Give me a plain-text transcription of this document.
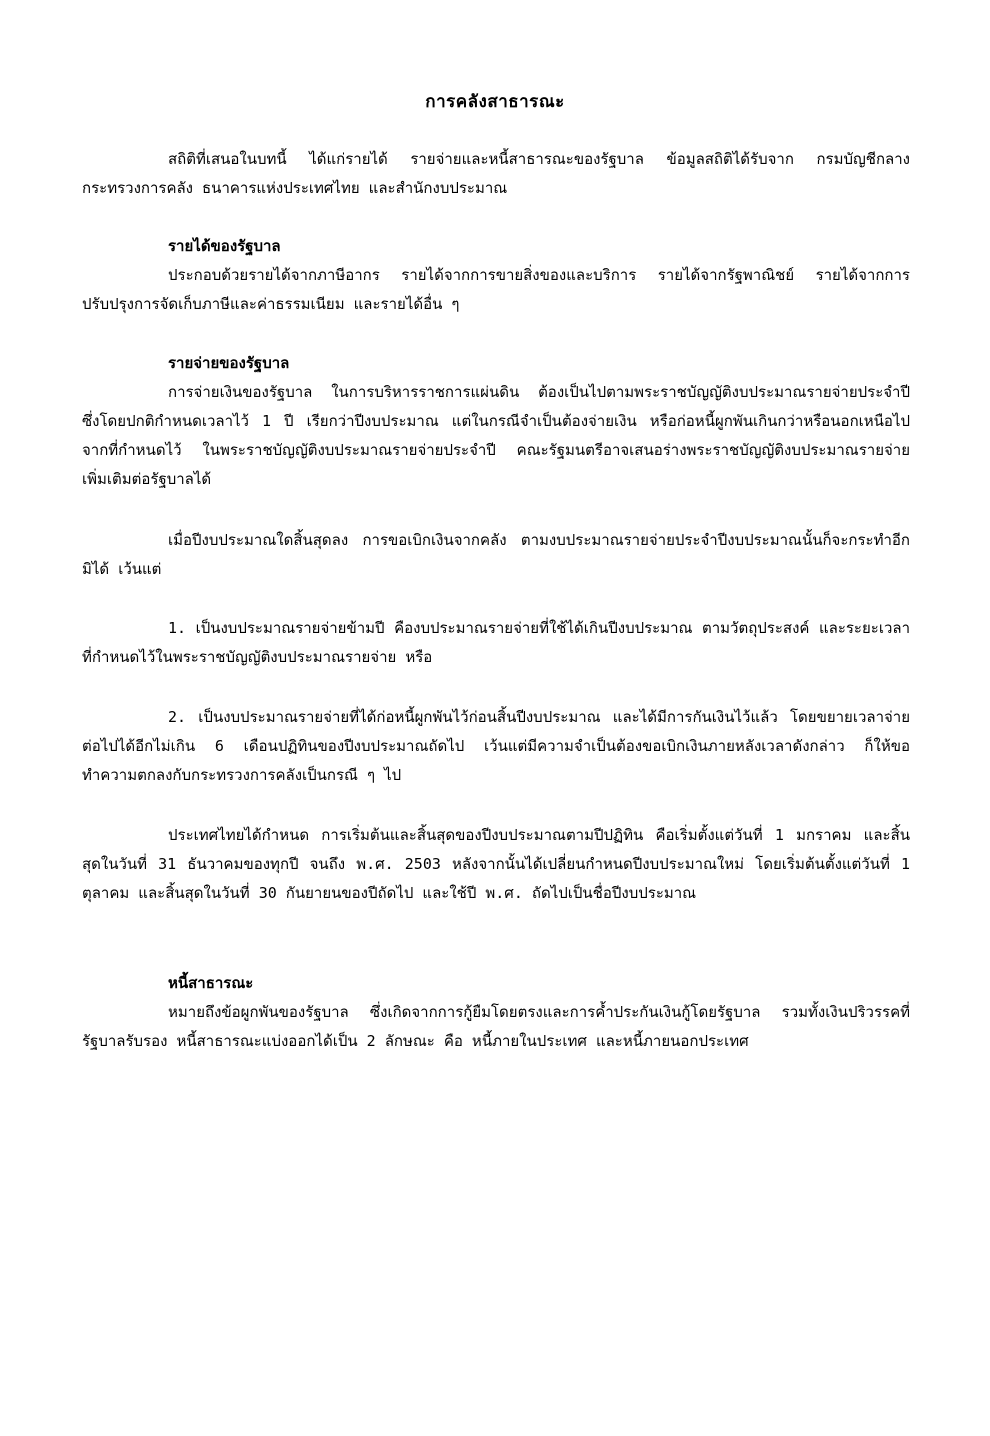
การคลังสาธารณะ
สถิติที่เสนอในบทนี้ ได้แก่รายได้ รายจ่ายและหนี้สาธารณะของรัฐบาล ข้อมูลสถิติได้รับจาก กรมบัญชีกลาง กระทรวงการคลัง ธนาคารแห่งประเทศไทย และสำนักงบประมาณ
รายได้ของรัฐบาล
ประกอบด้วยรายได้จากภาษีอากร รายได้จากการขายสิ่งของและบริการ รายได้จากรัฐพาณิชย์ รายได้จากการปรับปรุงการจัดเก็บภาษีและค่าธรรมเนียม และรายได้อื่น ๆ
รายจ่ายของรัฐบาล
การจ่ายเงินของรัฐบาล ในการบริหารราชการแผ่นดิน ต้องเป็นไปตามพระราชบัญญัติงบประมาณรายจ่ายประจำปี ซึ่งโดยปกติกำหนดเวลาไว้ 1 ปี เรียกว่าปีงบประมาณ แต่ในกรณีจำเป็นต้องจ่ายเงิน หรือก่อหนี้ผูกพันเกินกว่าหรือนอกเหนือไปจากที่กำหนดไว้ ในพระราชบัญญัติงบประมาณรายจ่ายประจำปี คณะรัฐมนตรีอาจเสนอร่างพระราชบัญญัติงบประมาณรายจ่ายเพิ่มเติมต่อรัฐบาลได้
เมื่อปีงบประมาณใดสิ้นสุดลง การขอเบิกเงินจากคลัง ตามงบประมาณรายจ่ายประจำปีงบประมาณนั้นก็จะกระทำอีกมิได้ เว้นแต่
1. เป็นงบประมาณรายจ่ายข้ามปี คืองบประมาณรายจ่ายที่ใช้ได้เกินปีงบประมาณ ตามวัตถุประสงค์ และระยะเวลาที่กำหนดไว้ในพระราชบัญญัติงบประมาณรายจ่าย หรือ
2. เป็นงบประมาณรายจ่ายที่ได้ก่อหนี้ผูกพันไว้ก่อนสิ้นปีงบประมาณ และได้มีการกันเงินไว้แล้ว โดยขยายเวลาจ่ายต่อไปได้อีกไม่เกิน 6 เดือนปฏิทินของปีงบประมาณถัดไป เว้นแต่มีความจำเป็นต้องขอเบิกเงินภายหลังเวลาดังกล่าว ก็ให้ขอทำความตกลงกับกระทรวงการคลังเป็นกรณี ๆ ไป
ประเทศไทยได้กำหนด การเริ่มต้นและสิ้นสุดของปีงบประมาณตามปีปฏิทิน คือเริ่มตั้งแต่วันที่ 1 มกราคม และสิ้นสุดในวันที่ 31 ธันวาคมของทุกปี จนถึง พ.ศ. 2503 หลังจากนั้นได้เปลี่ยนกำหนดปีงบประมาณใหม่ โดยเริ่มต้นตั้งแต่วันที่ 1 ตุลาคม และสิ้นสุดในวันที่ 30 กันยายนของปีถัดไป และใช้ปี พ.ศ. ถัดไปเป็นชื่อปีงบประมาณ
หนี้สาธารณะ
หมายถึงข้อผูกพันของรัฐบาล ซึ่งเกิดจากการกู้ยืมโดยตรงและการค้ำประกันเงินกู้โดยรัฐบาล รวมทั้งเงินปริวรรคที่รัฐบาลรับรอง หนี้สาธารณะแบ่งออกได้เป็น 2 ลักษณะ คือ หนี้ภายในประเทศ และหนี้ภายนอกประเทศ
